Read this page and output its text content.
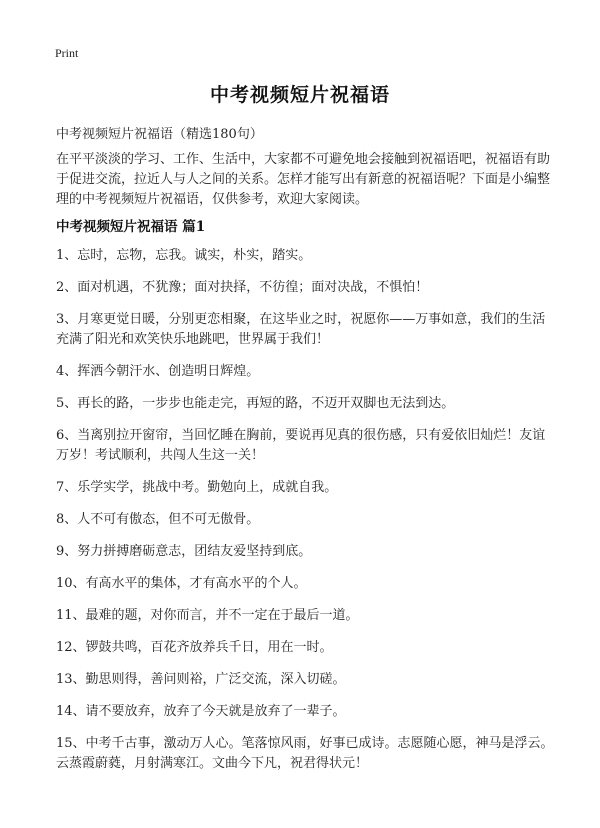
Print
中考视频短片祝福语
中考视频短片祝福语（精选180句）
在平平淡淡的学习、工作、生活中，大家都不可避免地会接触到祝福语吧，祝福语有助于促进交流，拉近人与人之间的关系。怎样才能写出有新意的祝福语呢？下面是小编整理的中考视频短片祝福语，仅供参考，欢迎大家阅读。
中考视频短片祝福语 篇1
1、忘时，忘物，忘我。诚实，朴实，踏实。
2、面对机遇，不犹豫；面对抉择，不彷徨；面对决战，不惧怕！
3、月寒更觉日暖，分别更恋相聚，在这毕业之时，祝愿你——万事如意，我们的生活充满了阳光和欢笑快乐地跳吧，世界属于我们！
4、挥洒今朝汗水、创造明日辉煌。
5、再长的路，一步步也能走完，再短的路，不迈开双脚也无法到达。
6、当离别拉开窗帘，当回忆睡在胸前，要说再见真的很伤感，只有爱依旧灿烂！友谊万岁！考试顺利，共闯人生这一关！
7、乐学实学，挑战中考。勤勉向上，成就自我。
8、人不可有傲态，但不可无傲骨。
9、努力拼搏磨砺意志，团结友爱坚持到底。
10、有高水平的集体，才有高水平的个人。
11、最难的题，对你而言，并不一定在于最后一道。
12、锣鼓共鸣，百花齐放养兵千日，用在一时。
13、勤思则得，善问则裕，广泛交流，深入切磋。
14、请不要放弃，放弃了今天就是放弃了一辈子。
15、中考千古事，激动万人心。笔落惊风雨，好事已成诗。志愿随心愿，神马是浮云。云蒸霞蔚蕤，月射满寒江。文曲今下凡，祝君得状元！
